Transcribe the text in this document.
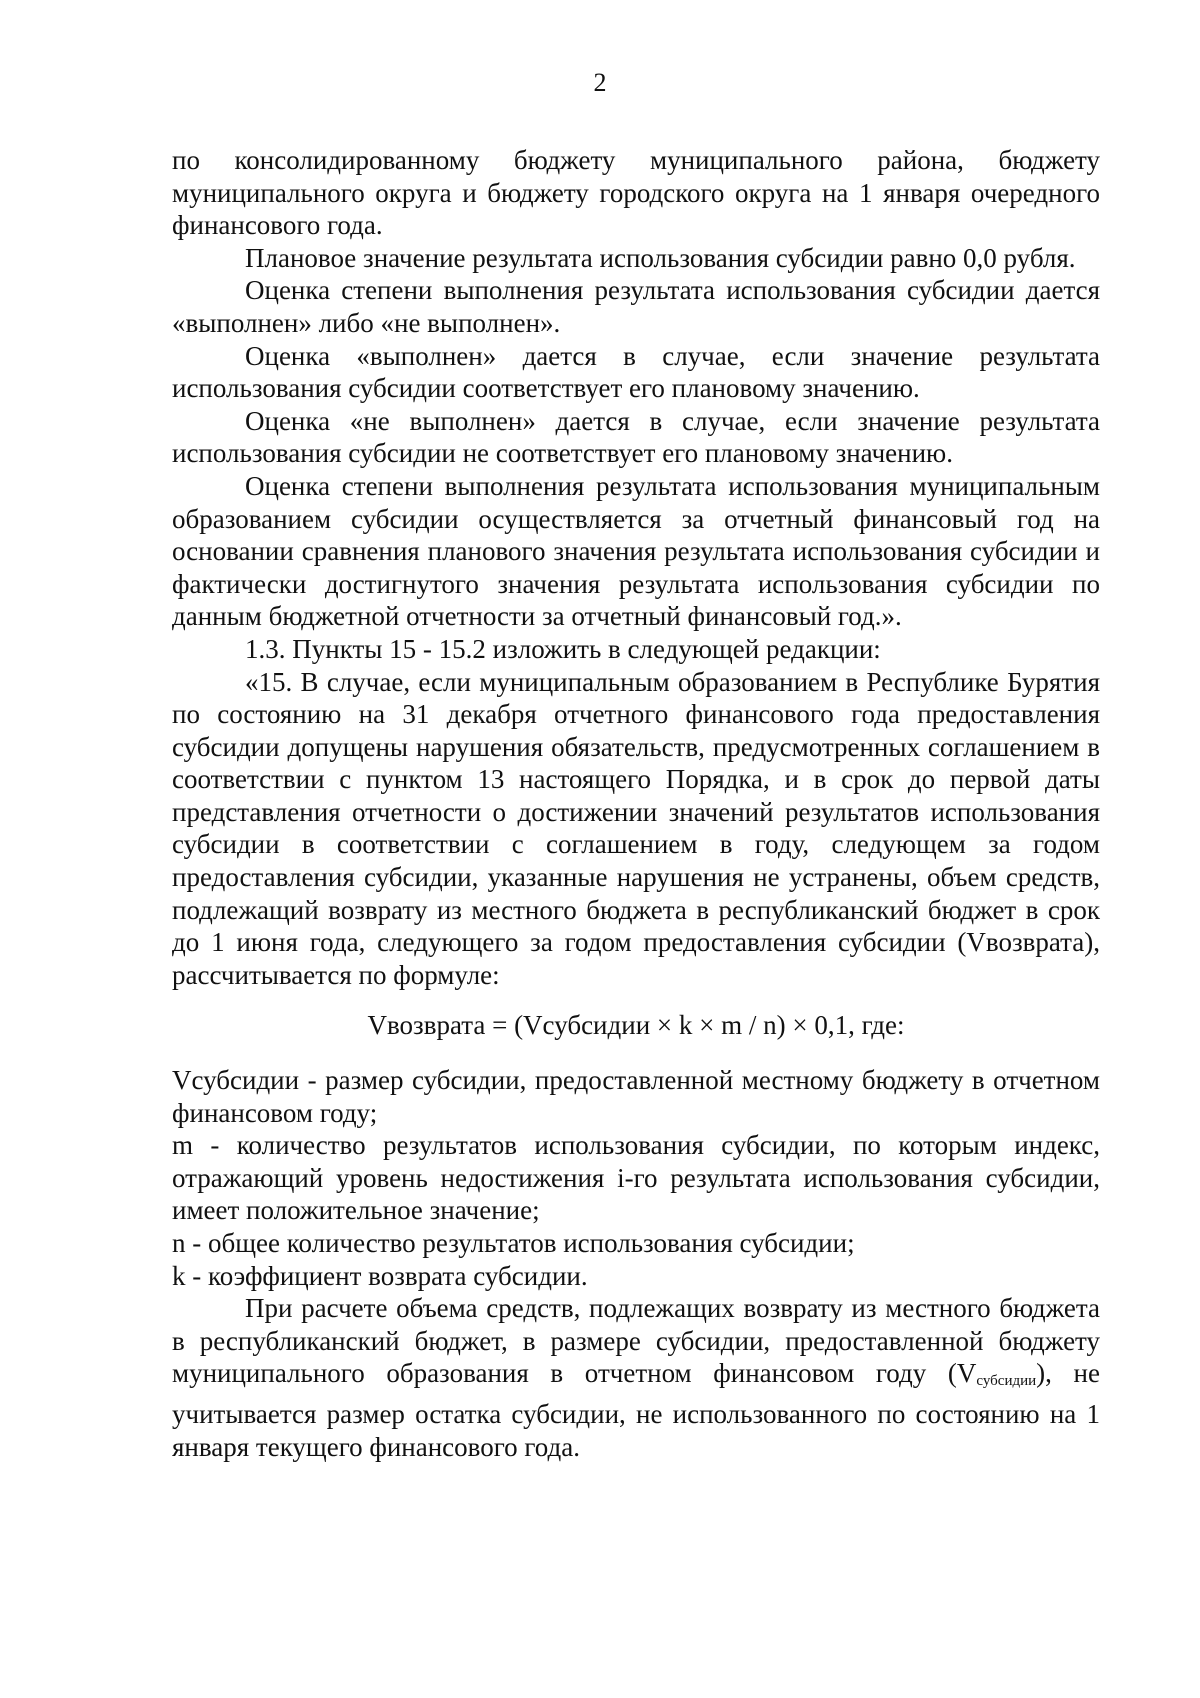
2

по консолидированному бюджету муниципального района, бюджету муниципального округа и бюджету городского округа на 1 января очередного финансового года.

Плановое значение результата использования субсидии равно 0,0 рубля.

Оценка степени выполнения результата использования субсидии дается «выполнен» либо «не выполнен».

Оценка «выполнен» дается в случае, если значение результата использования субсидии соответствует его плановому значению.

Оценка «не выполнен» дается в случае, если значение результата использования субсидии не соответствует его плановому значению.

Оценка степени выполнения результата использования муниципальным образованием субсидии осуществляется за отчетный финансовый год на основании сравнения планового значения результата использования субсидии и фактически достигнутого значения результата использования субсидии по данным бюджетной отчетности за отчетный финансовый год.».

1.3. Пункты 15 - 15.2 изложить в следующей редакции:

«15. В случае, если муниципальным образованием в Республике Бурятия по состоянию на 31 декабря отчетного финансового года предоставления субсидии допущены нарушения обязательств, предусмотренных соглашением в соответствии с пунктом 13 настоящего Порядка, и в срок до первой даты представления отчетности о достижении значений результатов использования субсидии в соответствии с соглашением в году, следующем за годом предоставления субсидии, указанные нарушения не устранены, объем средств, подлежащий возврату из местного бюджета в республиканский бюджет в срок до 1 июня года, следующего за годом предоставления субсидии (Vвозврата), рассчитывается по формуле:

Vвозврата = (Vсубсидии × k × m / n) × 0,1, где:

Vсубсидии - размер субсидии, предоставленной местному бюджету в отчетном финансовом году;

m - количество результатов использования субсидии, по которым индекс, отражающий уровень недостижения i-го результата использования субсидии, имеет положительное значение;

n - общее количество результатов использования субсидии;

k - коэффициент возврата субсидии.

При расчете объема средств, подлежащих возврату из местного бюджета в республиканский бюджет, в размере субсидии, предоставленной бюджету муниципального образования в отчетном финансовом году $(V_{субсидии})$, не учитывается размер остатка субсидии, не использованного по состоянию на 1 января текущего финансового года.
